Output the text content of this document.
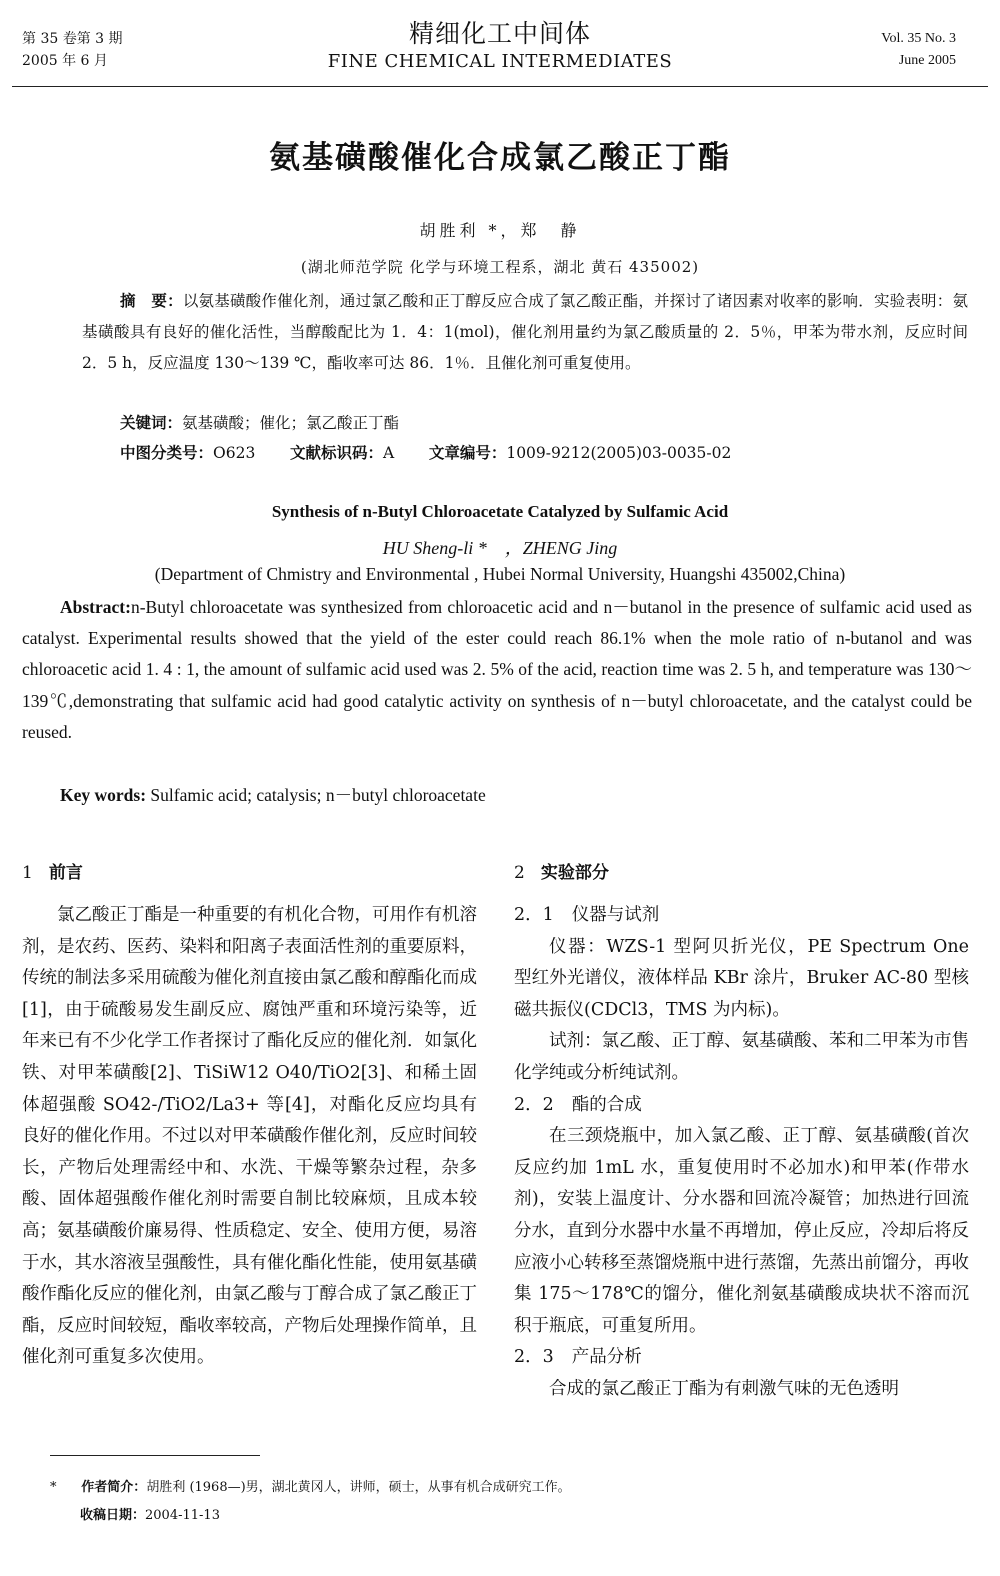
第 35 卷第 3 期
2005 年 6 月
精细化工中间体
FINE CHEMICAL INTERMEDIATES
Vol. 35 No. 3
June 2005
氨基磺酸催化合成氯乙酸正丁酯
胡胜利 *，郑　静
(湖北师范学院 化学与环境工程系，湖北 黄石 435002)
摘　要：以氨基磺酸作催化剂，通过氯乙酸和正丁醇反应合成了氯乙酸正酯，并探讨了诸因素对收率的影响．实验表明：氨基磺酸具有良好的催化活性，当醇酸配比为 1．4：1(mol)，催化剂用量约为氯乙酸质量的 2．5％，甲苯为带水剂，反应时间 2．5 h，反应温度 130～139 ℃，酯收率可达 86．1％．且催化剂可重复使用。
关键词：氨基磺酸；催化；氯乙酸正丁酯
中图分类号：O623 文献标识码：A 文章编号：1009-9212(2005)03-0035-02
Synthesis of n-Butyl Chloroacetate Catalyzed by Sulfamic Acid
HU Sheng-li *　，ZHENG Jing
(Department of Chmistry and Environmental , Hubei Normal University, Huangshi 435002,China)
Abstract:n-Butyl chloroacetate was synthesized from chloroacetic acid and n－butanol in the presence of sulfamic acid used as catalyst. Experimental results showed that the yield of the ester could reach 86.1% when the mole ratio of n-butanol and was chloroacetic acid 1. 4 : 1, the amount of sulfamic acid used was 2. 5% of the acid, reaction time was 2. 5 h, and temperature was 130～139℃,demonstrating that sulfamic acid had good catalytic activity on synthesis of n－butyl chloroacetate, and the catalyst could be reused.
Key words: Sulfamic acid; catalysis; n－butyl chloroacetate
1 前言	2 实验部分

氯乙酸正丁酯是一种重要的有机化合物，可用作有机溶剂，是农药、医药、染料和阳离子表面活性剂的重要原料，传统的制法多采用硫酸为催化剂直接由氯乙酸和醇酯化而成[1]，由于硫酸易发生副反应、腐蚀严重和环境污染等，近年来已有不少化学工作者探讨了酯化反应的催化剂．如氯化铁、对甲苯磺酸[2]、TiSiW12 O40/TiO2[3]、和稀土固体超强酸 SO42-/TiO2/La3+ 等[4]，对酯化反应均具有良好的催化作用。不过以对甲苯磺酸作催化剂，反应时间较长，产物后处理需经中和、水洗、干燥等繁杂过程，杂多酸、固体超强酸作催化剂时需要自制比较麻烦，且成本较高；氨基磺酸价廉易得、性质稳定、安全、使用方便，易溶于水，其水溶液呈强酸性，具有催化酯化性能，使用氨基磺酸作酯化反应的催化剂，由氯乙酸与丁醇合成了氯乙酸正丁酯，反应时间较短，酯收率较高，产物后处理操作简单，且催化剂可重复多次使用。

2．1 仪器与试剂

仪器：WZS-1 型阿贝折光仪，PE Spectrum One 型红外光谱仪，液体样品 KBr 涂片，Bruker AC-80 型核磁共振仪(CDCl3，TMS 为内标)。

试剂：氯乙酸、正丁醇、氨基磺酸、苯和二甲苯为市售化学纯或分析纯试剂。

2．2 酯的合成

在三颈烧瓶中，加入氯乙酸、正丁醇、氨基磺酸(首次反应约加 1mL 水，重复使用时不必加水)和甲苯(作带水剂)，安装上温度计、分水器和回流冷凝管；加热进行回流分水，直到分水器中水量不再增加，停止反应，冷却后将反应液小心转移至蒸馏烧瓶中进行蒸馏，先蒸出前馏分，再收集 175～178℃的馏分，催化剂氨基磺酸成块状不溶而沉积于瓶底，可重复所用。

2．3 产品分析

合成的氯乙酸正丁酯为有刺激气味的无色透明

* 作者简介：胡胜利 (1968—)男，湖北黄冈人，讲师，硕士，从事有机合成研究工作。
收稿日期：2004-11-13
